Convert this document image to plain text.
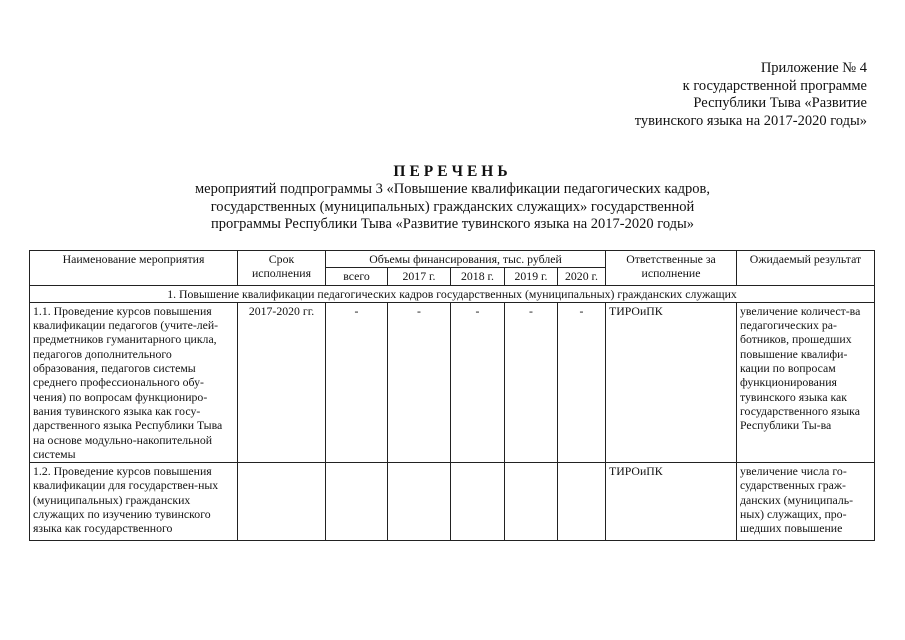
Приложение № 4
к государственной программе
Республики Тыва «Развитие
тувинского языка на 2017-2020 годы»
ПЕРЕЧЕНЬ
мероприятий подпрограммы 3 «Повышение квалификации педагогических кадров,
государственных (муниципальных) гражданских служащих» государственной
программы Республики Тыва «Развитие тувинского языка на 2017-2020 годы»
Наименование мероприятия	Срок исполнения	Объемы финансирования, тыс. рублей					Ответственные за исполнение	Ожидаемый результат
		всего	2017 г.	2018 г.	2019 г.	2020 г.		
1. Повышение квалификации педагогических кадров государственных (муниципальных) гражданских служащих								
1.1. Проведение курсов повышения квалификации педагогов (учите-лей-предметников гуманитарного цикла, педагогов дополнительного образования, педагогов системы среднего профессионального обу-чения) по вопросам функциониро-вания тувинского языка как госу-дарственного языка Республики Тыва на основе модульно-накопительной системы	2017-2020 гг.	-	-	-	-	-	ТИРОиПК	увеличение количест-ва педагогических ра-ботников, прошедших повышение квалифи-кации по вопросам функционирования тувинского языка как государственного языка Республики Ты-ва
1.2. Проведение курсов повышения квалификации для государствен-ных (муниципальных) гражданских служащих по изучению тувинского языка как государственного							ТИРОиПК	увеличение числа го-сударственных граж-данских (муниципаль-ных) служащих, про-шедших повышение
